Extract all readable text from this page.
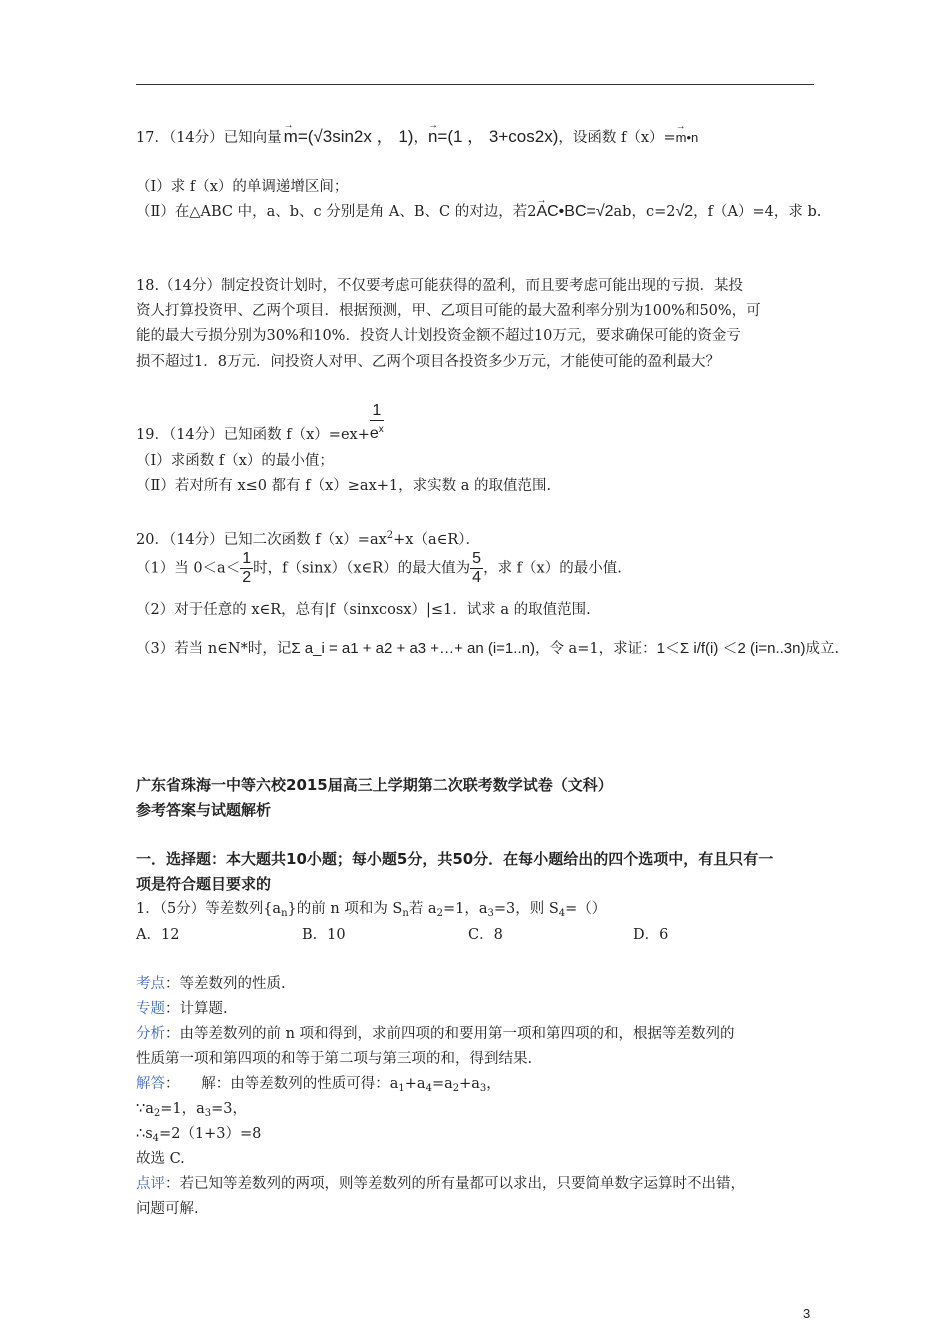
17．（14分）已知向量→ m=(√3sin2x ， 1)，→ n=(1 ， 3+cos2x)，设函数 f（x）=→ m•n
（Ⅰ）求 f（x）的单调递增区间；
（Ⅱ）在△ABC 中，a、b、c 分别是角 A、B、C 的对边，若2→ AC•BC=√2ab，c=2√2，f（A）=4，求 b.
18.（14分）制定投资计划时，不仅要考虑可能获得的盈利，而且要考虑可能出现的亏损．某投
资人打算投资甲、乙两个项目．根据预测，甲、乙项目可能的最大盈利率分别为100%和50%，可
能的最大亏损分别为30%和10%．投资人计划投资金额不超过10万元，要求确保可能的资金亏
损不超过1．8万元．问投资人对甲、乙两个项目各投资多少万元，才能使可能的盈利最大？
19．（14分）已知函数 $f(x)=ex+ \frac{1}{e^x}$
（Ⅰ）求函数 f（x）的最小值；
（Ⅱ）若对所有 x≤0 都有 f（x）≥ax+1，求实数 a 的取值范围.
20．（14分）已知二次函数 $f(x)=ax^2+x(a\in R)$．
（1）当 $0<a< \frac{1}{2}$ 时，f（sinx）（x∈R）的最大值为 $\frac{5}{4}$ ，求 f（x）的最小值.
（2）对于任意的 x∈R，总有|f（sinxcosx）|≤1．试求 a 的取值范围.
（3）若当 n∈N*时，记Σ a_i = a1 + a2 + a3 +…+ an (i=1..n)，令 a=1，求证：1＜Σ i/f(i) ＜2 (i=n..3n)成立.
广东省珠海一中等六校2015届高三上学期第二次联考数学试卷（文科）
参考答案与试题解析
一．选择题：本大题共10小题；每小题5分，共50分．在每小题给出的四个选项中，有且只有一
项是符合题目要求的
1．（5分）等差数列$\{a_n\}$的前 n 项和为 $S_n$若 $a_2=1$，$a_3=3$，则 $S_4=()$
A．12	B．10	C．8	D．6
考点：等差数列的性质.
专题：计算题.
分析：由等差数列的前 n 项和得到，求前四项的和要用第一项和第四项的和，根据等差数列的
性质第一项和第四项的和等于第二项与第三项的和，得到结果.
解答：　　解：由等差数列的性质可得：$a_1+a_4=a_2+a_3$，
$\because a_2=1$，$a_3=3$，
$\therefore s_4=2(1+3)=8$
故选 C.
点评：若已知等差数列的两项，则等差数列的所有量都可以求出，只要简单数字运算时不出错，
问题可解.
3
